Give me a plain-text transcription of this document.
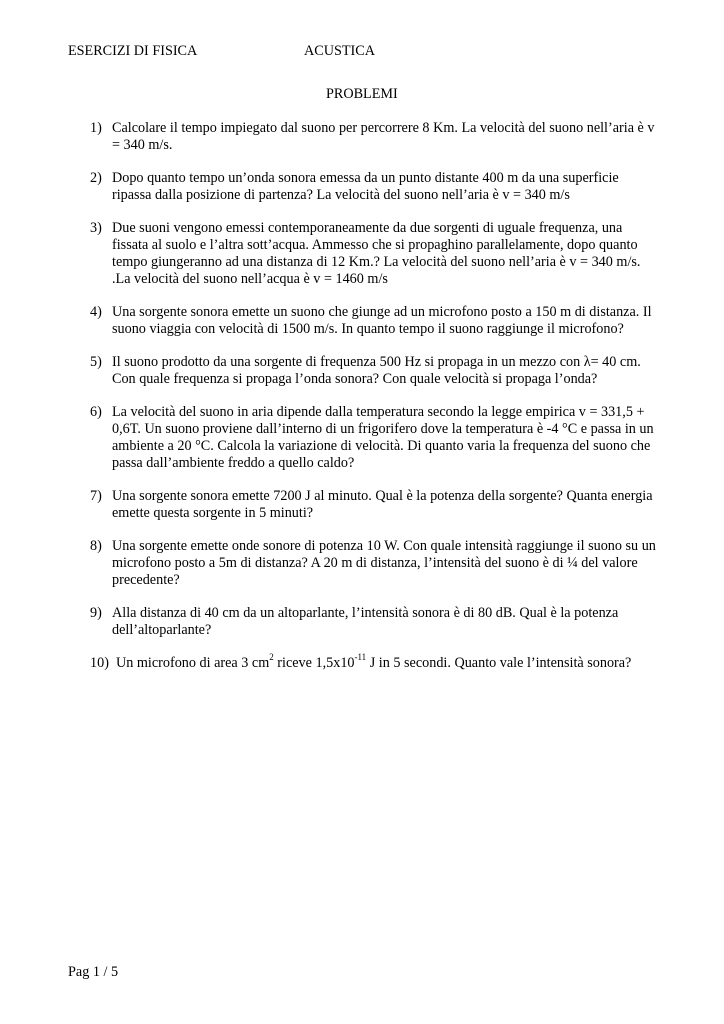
ESERCIZI DI FISICA	ACUSTICA
PROBLEMI
1) Calcolare il tempo impiegato dal suono per percorrere 8 Km. La velocità del suono nell’aria è v = 340 m/s.
2) Dopo quanto tempo un’onda sonora emessa da un punto distante 400 m da una superficie ripassa dalla posizione di partenza? La velocità del suono nell’aria è v = 340 m/s
3) Due suoni vengono emessi contemporaneamente da due sorgenti di uguale frequenza, una fissata al suolo e l’altra sott’acqua. Ammesso che si propaghino parallelamente, dopo quanto tempo giungeranno ad una distanza di 12 Km.? La velocità del suono nell’aria è v = 340 m/s. .La velocità del suono nell’acqua è v = 1460 m/s
4) Una sorgente sonora emette un suono che giunge ad un microfono posto a 150 m di distanza. Il suono viaggia con velocità di 1500 m/s. In quanto tempo il suono raggiunge il microfono?
5) Il suono prodotto da una sorgente di frequenza 500 Hz si propaga in un mezzo con λ= 40 cm. Con quale frequenza si propaga l’onda sonora? Con quale velocità si propaga l’onda?
6) La velocità del suono in aria dipende dalla temperatura secondo la legge empirica v = 331,5 + 0,6T. Un suono proviene dall’interno di un frigorifero dove la temperatura è -4 °C e passa in un ambiente a 20 °C. Calcola la variazione di velocità. Di quanto varia la frequenza del suono che passa dall’ambiente freddo a quello caldo?
7) Una sorgente sonora emette 7200 J al minuto. Qual è la potenza della sorgente? Quanta energia emette questa sorgente in 5 minuti?
8) Una sorgente emette onde sonore di potenza 10 W. Con quale intensità raggiunge il suono su un microfono posto a 5m di distanza? A 20 m di distanza, l’intensità del suono è di ¼ del valore precedente?
9) Alla distanza di 40 cm da un altoparlante, l’intensità sonora è di 80 dB. Qual è la potenza dell’altoparlante?
10) Un microfono di area 3 $cm^2$ riceve $1,5x10^{-11}$ J in 5 secondi. Quanto vale l’intensità sonora?
Pag 1 / 5
